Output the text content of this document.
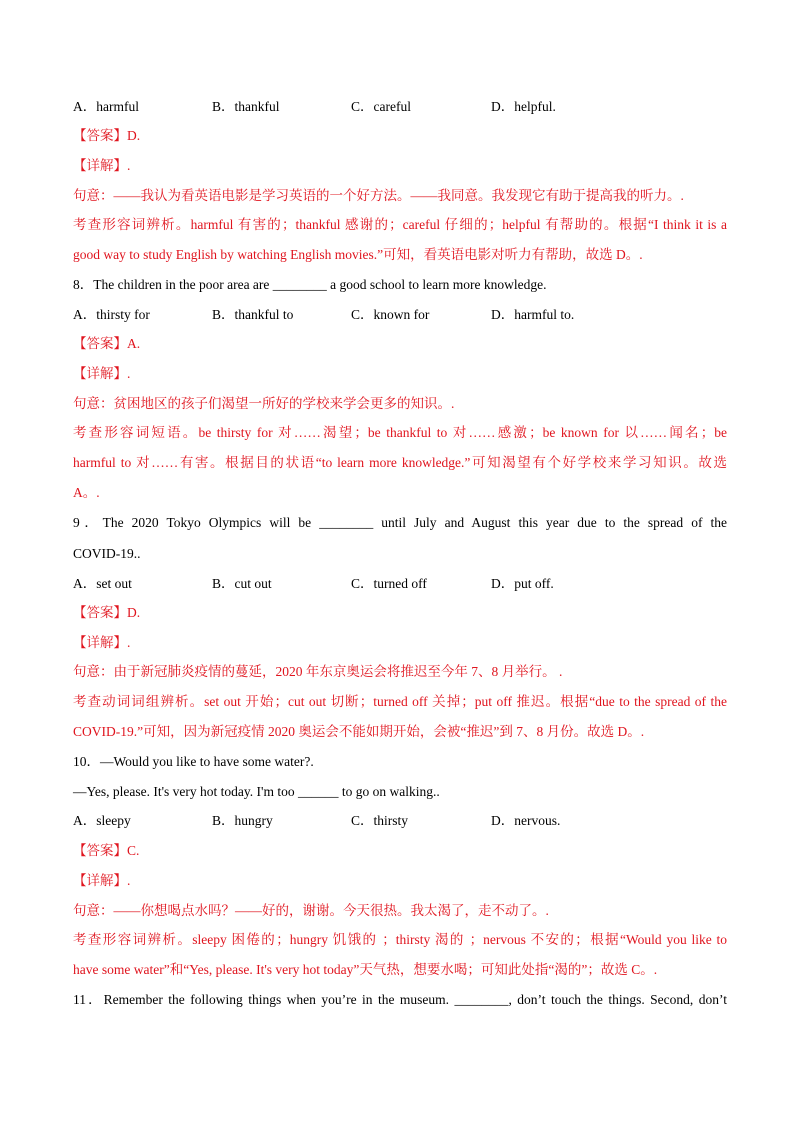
A．harmful	B．thankful	C．careful	D．helpful.
【答案】D.
【详解】.
句意：——我认为看英语电影是学习英语的一个好方法。——我同意。我发现它有助于提高我的听力。.
考查形容词辨析。harmful 有害的；thankful 感谢的；careful 仔细的；helpful 有帮助的。根据“I think it is a
good way to study English by watching English movies.”可知，看英语电影对听力有帮助，故选 D。.
8．The children in the poor area are ________ a good school to learn more knowledge.
A．thirsty for	B．thankful to	C．known for	D．harmful to.
【答案】A.
【详解】.
句意：贫困地区的孩子们渴望一所好的学校来学会更多的知识。.
考查形容词短语。be thirsty for 对……渴望；be thankful to 对……感激；be known for 以……闻名；be
harmful to 对……有害。根据目的状语“to learn more knowledge.”可知渴望有个好学校来学习知识。故选
A。.
9．The 2020 Tokyo Olympics will be ________ until July and August this year due to the spread of the
COVID-19..
A．set out	B．cut out	C．turned off	D．put off.
【答案】D.
【详解】.
句意：由于新冠肺炎疫情的蔓延，2020 年东京奥运会将推迟至今年 7、8 月举行。 .
考查动词词组辨析。set out 开始；cut out 切断；turned off 关掉；put off 推迟。根据“due to the spread of the
COVID-19.”可知，因为新冠疫情 2020 奥运会不能如期开始，会被“推迟”到 7、8 月份。故选 D。.
10．—Would you like to have some water?.
—Yes, please. It's very hot today. I'm too ______ to go on walking..
A．sleepy	B．hungry	C．thirsty	D．nervous.
【答案】C.
【详解】.
句意：——你想喝点水吗？——好的，谢谢。今天很热。我太渴了，走不动了。.
考查形容词辨析。sleepy 困倦的；hungry 饥饿的 ；thirsty 渴的 ；nervous 不安的；根据“Would you like to
have some water”和“Yes, please. It's very hot today”天气热，想要水喝；可知此处指“渴的”；故选 C。.
11．Remember the following things when you’re in the museum. ________, don’t touch the things. Second, don’t
